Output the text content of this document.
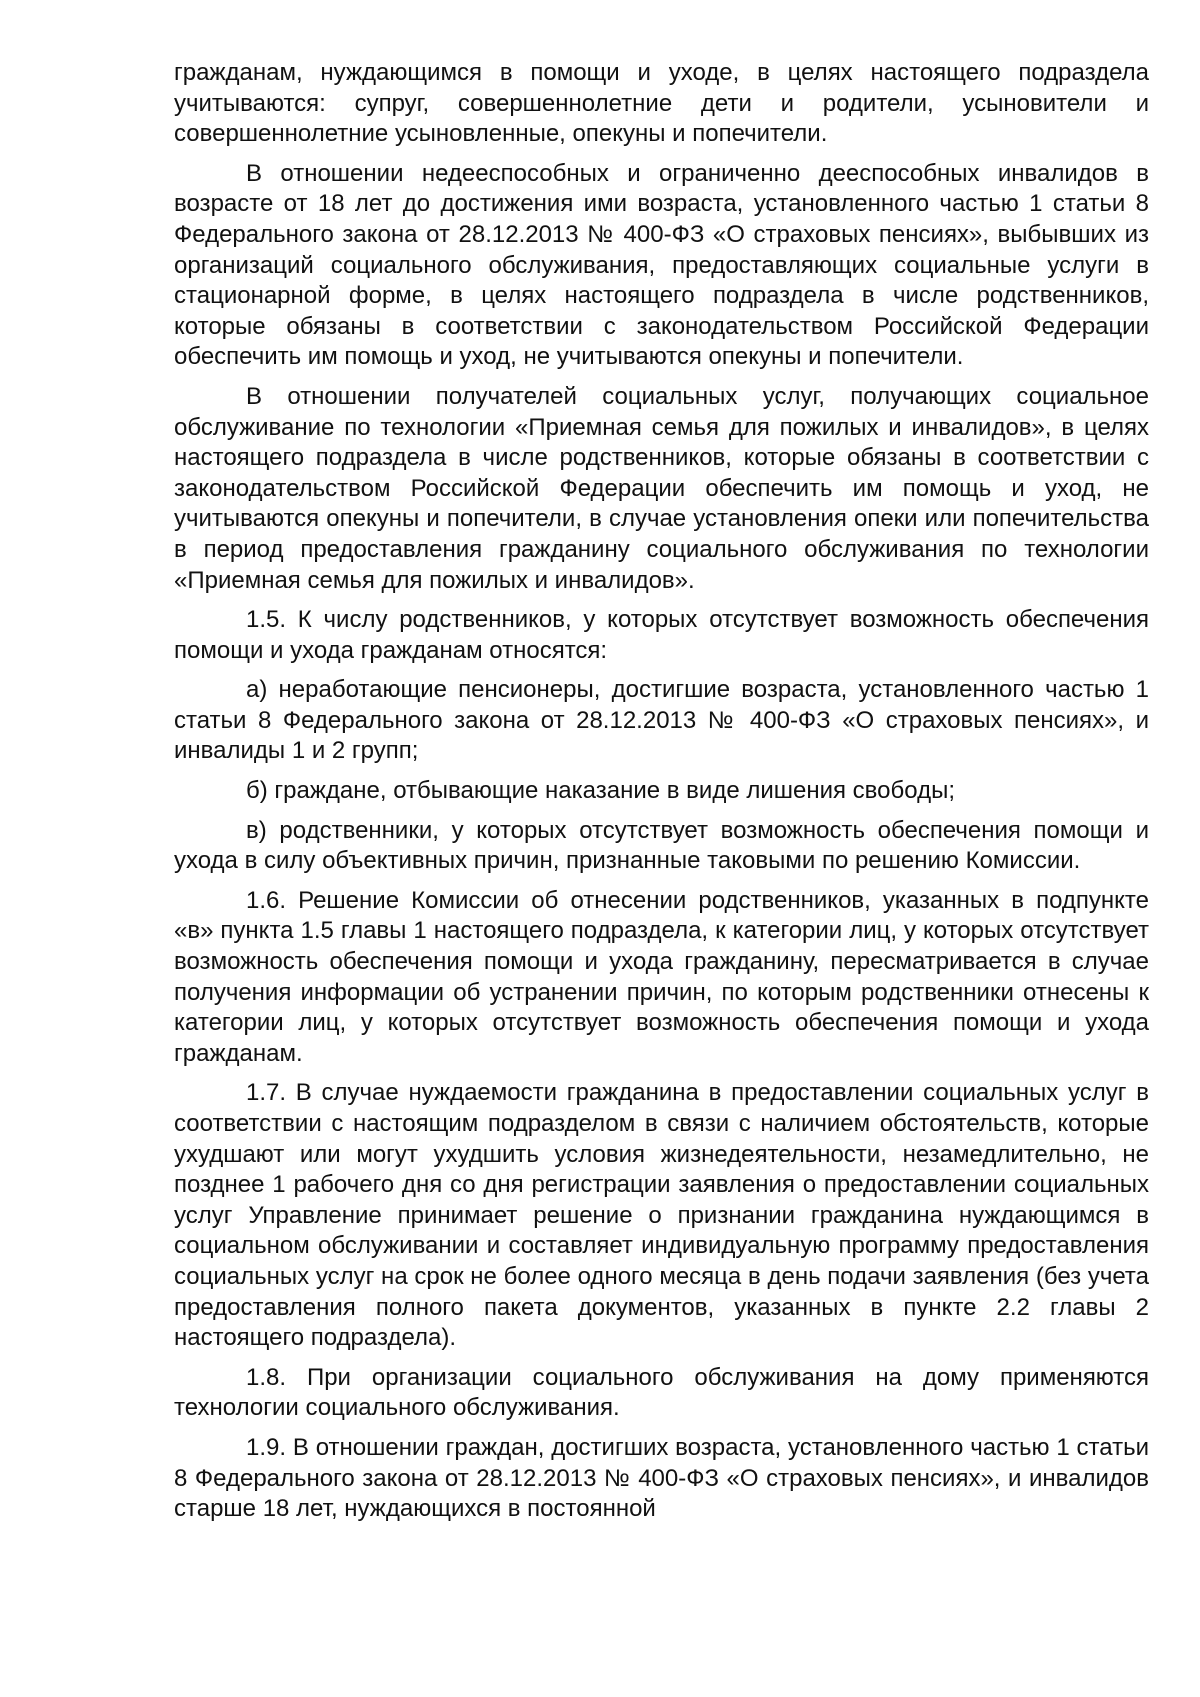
гражданам, нуждающимся в помощи и уходе, в целях настоящего подраздела учитываются: супруг, совершеннолетние дети и родители, усыновители и совершеннолетние усыновленные, опекуны и попечители.

В отношении недееспособных и ограниченно дееспособных инвалидов в возрасте от 18 лет до достижения ими возраста, установленного частью 1 статьи 8 Федерального закона от 28.12.2013 № 400-ФЗ «О страховых пенсиях», выбывших из организаций социального обслуживания, предоставляющих социальные услуги в стационарной форме, в целях настоящего подраздела в числе родственников, которые обязаны в соответствии с законодательством Российской Федерации обеспечить им помощь и уход, не учитываются опекуны и попечители.

В отношении получателей социальных услуг, получающих социальное обслуживание по технологии «Приемная семья для пожилых и инвалидов», в целях настоящего подраздела в числе родственников, которые обязаны в соответствии с законодательством Российской Федерации обеспечить им помощь и уход, не учитываются опекуны и попечители, в случае установления опеки или попечительства в период предоставления гражданину социального обслуживания по технологии «Приемная семья для пожилых и инвалидов».

1.5. К числу родственников, у которых отсутствует возможность обеспечения помощи и ухода гражданам относятся:

а) неработающие пенсионеры, достигшие возраста, установленного частью 1 статьи 8 Федерального закона от 28.12.2013 № 400-ФЗ «О страховых пенсиях», и инвалиды 1 и 2 групп;

б) граждане, отбывающие наказание в виде лишения свободы;

в) родственники, у которых отсутствует возможность обеспечения помощи и ухода в силу объективных причин, признанные таковыми по решению Комиссии.

1.6. Решение Комиссии об отнесении родственников, указанных в подпункте «в» пункта 1.5 главы 1 настоящего подраздела, к категории лиц, у которых отсутствует возможность обеспечения помощи и ухода гражданину, пересматривается в случае получения информации об устранении причин, по которым родственники отнесены к категории лиц, у которых отсутствует возможность обеспечения помощи и ухода гражданам.

1.7. В случае нуждаемости гражданина в предоставлении социальных услуг в соответствии с настоящим подразделом в связи с наличием обстоятельств, которые ухудшают или могут ухудшить условия жизнедеятельности, незамедлительно, не позднее 1 рабочего дня со дня регистрации заявления о предоставлении социальных услуг Управление принимает решение о признании гражданина нуждающимся в социальном обслуживании и составляет индивидуальную программу предоставления социальных услуг на срок не более одного месяца в день подачи заявления (без учета предоставления полного пакета документов, указанных в пункте 2.2 главы 2 настоящего подраздела).

1.8. При организации социального обслуживания на дому применяются технологии социального обслуживания.

1.9. В отношении граждан, достигших возраста, установленного частью 1 статьи 8 Федерального закона от 28.12.2013 № 400-ФЗ «О страховых пенсиях», и инвалидов старше 18 лет, нуждающихся в постоянной
